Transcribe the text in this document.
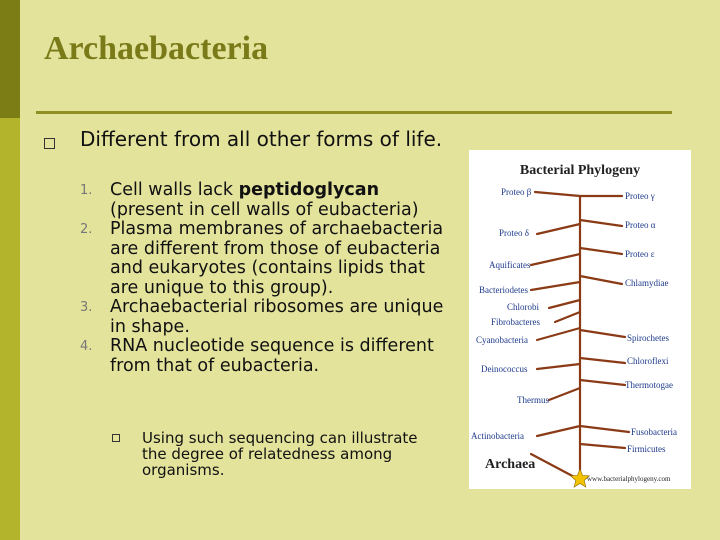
Archaebacteria
Different from all other forms of life.
1. Cell walls lack peptidoglycan (present in cell walls of eubacteria)
2. Plasma membranes of archaebacteria are different from those of eubacteria and eukaryotes (contains lipids that are unique to this group).
3. Archaebacterial ribosomes are unique in shape.
4. RNA nucleotide sequence is different from that of eubacteria.
Using such sequencing can illustrate the degree of relatedness among organisms.
Bacterial Phylogeny
Proteo β
Proteo δ
Aquificates
Bacteriodetes
Chlorobi
Fibrobacteres
Cyanobacteria
Deinococcus
Thermus
Actinobacteria
Proteo γ
Proteo α
Proteo ε
Chlamydiae
Spirochetes
Chloroflexi
Thermotogae
Fusobacteria
Firmicutes
Archaea
www.bacterialphylogeny.com
